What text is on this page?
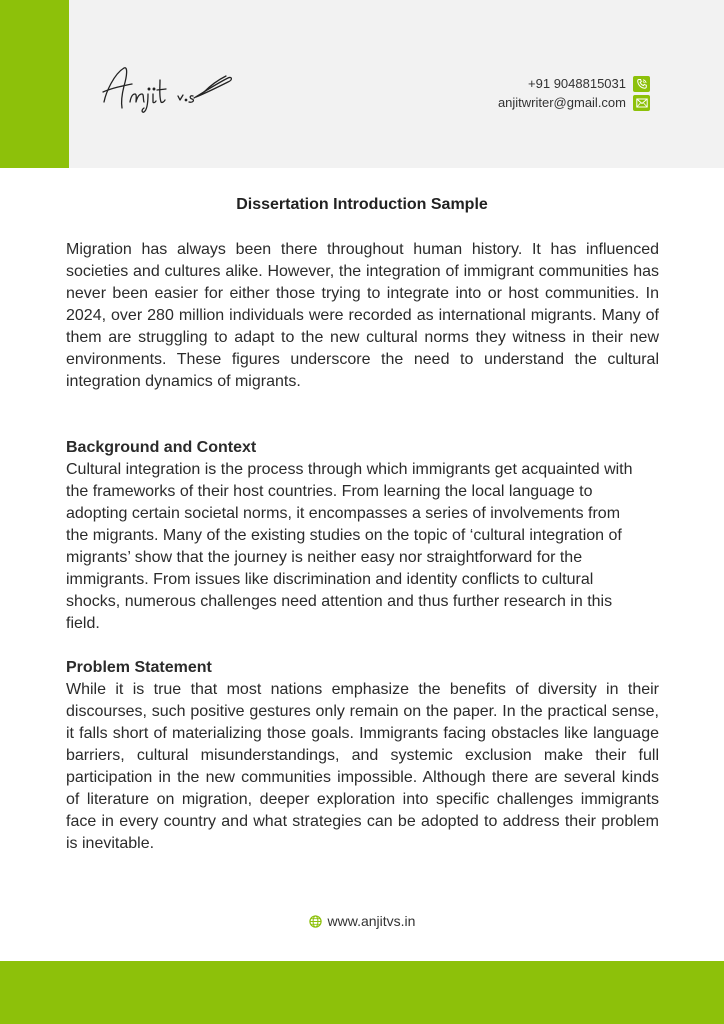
Anjit v.s
+91 9048815031
anjitwriter@gmail.com
Dissertation Introduction Sample

Migration has always been there throughout human history. It has influenced societies and cultures alike. However, the integration of immigrant communities has never been easier for either those trying to integrate into or host communities. In 2024, over 280 million individuals were recorded as international migrants. Many of them are struggling to adapt to the new cultural norms they witness in their new environments. These figures underscore the need to understand the cultural integration dynamics of migrants.

Background and Context
Cultural integration is the process through which immigrants get acquainted with the frameworks of their host countries. From learning the local language to adopting certain societal norms, it encompasses a series of involvements from the migrants. Many of the existing studies on the topic of ‘cultural integration of migrants’ show that the journey is neither easy nor straightforward for the immigrants. From issues like discrimination and identity conflicts to cultural shocks, numerous challenges need attention and thus further research in this field.
Problem Statement
While it is true that most nations emphasize the benefits of diversity in their discourses, such positive gestures only remain on the paper. In the practical sense, it falls short of materializing those goals. Immigrants facing obstacles like language barriers, cultural misunderstandings, and systemic exclusion make their full participation in the new communities impossible. Although there are several kinds of literature on migration, deeper exploration into specific challenges immigrants face in every country and what strategies can be adopted to address their problem is inevitable.
www.anjitvs.in
